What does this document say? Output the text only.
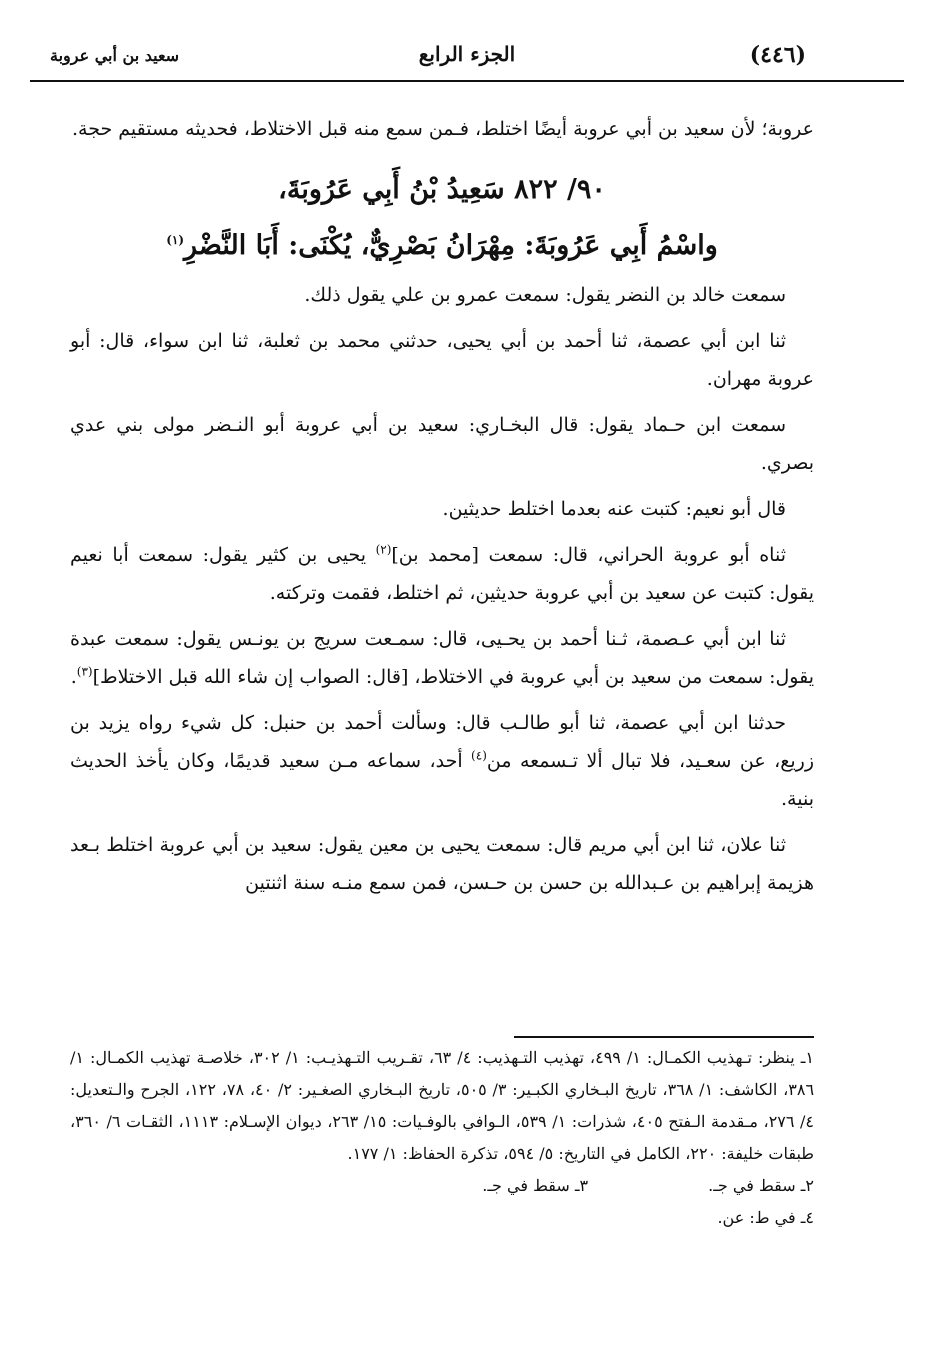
(٤٤٦)
الجزء الرابع
سعيد بن أبي عروبة

عروبة؛ لأن سعيد بن أبي عروبة أيضًا اختلط، فـمن سمع منه قبل الاختلاط، فحديثه مستقيم حجة.

٩٠/ ٨٢٢ سَعِيدُ بْنُ أَبِي عَرُوبَةَ،
واسْمُ أَبِي عَرُوبَةَ: مِهْرَانُ بَصْرِيٌّ، يُكْنَى: أَبَا النَّضْرِ$^{(١)}$

سمعت خالد بن النضر يقول: سمعت عمرو بن علي يقول ذلك.

ثنا ابن أبي عصمة، ثنا أحمد بن أبي يحيى، حدثني محمد بن ثعلبة، ثنا ابن سواء، قال: أبو عروبة مهران.

سمعت ابن حـماد يقول: قال البخـاري: سعيد بن أبي عروبة أبو النـضر مولى بني عدي بصري.

قال أبو نعيم: كتبت عنه بعدما اختلط حديثين.

ثناه أبو عروبة الحراني، قال: سمعت [محمد بن]$^{(٢)}$ يحيى بن كثير يقول: سمعت أبا نعيم يقول: كتبت عن سعيد بن أبي عروبة حديثين، ثم اختلط، فقمت وتركته.

ثنا ابن أبي عـصمة، ثـنا أحمد بن يحـيى، قال: سمـعت سريج بن يونـس يقول: سمعت عبدة يقول: سمعت من سعيد بن أبي عروبة في الاختلاط، [قال: الصواب إن شاء الله قبل الاختلاط]$^{(٣)}$.

حدثنا ابن أبي عصمة، ثنا أبو طالـب قال: وسألت أحمد بن حنبل: كل شيء رواه يزيد بن زريع، عن سعـيد، فلا تبال ألا تـسمعه من$^{(٤)}$ أحد، سماعه مـن سعيد قديمًا، وكان يأخذ الحديث بنية.

ثنا علان، ثنا ابن أبي مريم قال: سمعت يحيى بن معين يقول: سعيد بن أبي عروبة اختلط بـعد هزيمة إبراهيم بن عـبدالله بن حسن بن حـسن، فمن سمع منـه سنة اثنتين

١ـ ينظر: تـهذيب الكمـال: ١/ ٤٩٩، تهذيب التـهذيب: ٤/ ٦٣، تقـريب التـهذيـب: ١/ ٣٠٢، خلاصـة تهذيب الكمـال: ١/ ٣٨٦، الكاشف: ١/ ٣٦٨، تاريخ البـخاري الكبـير: ٣/ ٥٠٥، تاريخ البـخاري الصغـير: ٢/ ٤٠، ٧٨، ١٢٢، الجرح والـتعديل: ٤/ ٢٧٦، مـقدمة الـفتح ٤٠٥، شذرات: ١/ ٥٣٩، الـوافي بالوفـيات: ١٥/ ٢٦٣، ديوان الإسـلام: ١١١٣، الثقـات ٦/ ٣٦٠، طبقات خليفة: ٢٢٠، الكامل في التاريخ: ٥/ ٥٩٤، تذكرة الحفاظ: ١/ ١٧٧.

٢ـ سقط في جـ.

٣ـ سقط في جـ.

٤ـ في ط: عن.
